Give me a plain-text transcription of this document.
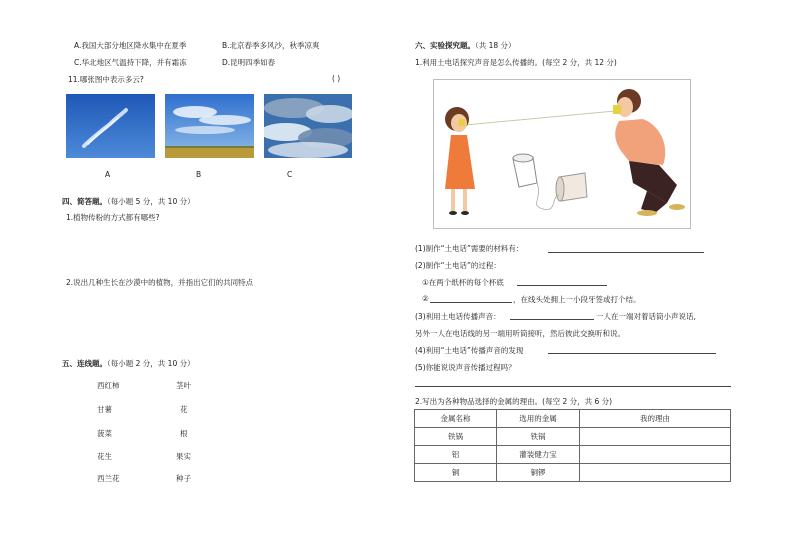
A.我国大部分地区降水集中在夏季	B.北京春季多风沙，秋季凉爽
C.华北地区气温持下降，并有霜冻	D.昆明四季如春
11.哪张图中表示多云?	( )
A	B	C
四、简答题。（每小题 5 分，共 10 分）
1.植物传粉的方式都有哪些?
2.说出几种生长在沙漠中的植物，并指出它们的共同特点
五、连线题。（每小题 2 分，共 10 分）
西红柿
甘薯
菠菜
花生
西兰花
茎叶
花
根
果实
种子
六、实验探究题。（共 18 分）
1.利用土电话探究声音是怎么传播的。(每空 2 分，共 12 分)
(1)制作“土电话”需要的材料有：
(2)制作“土电话”的过程：
①在两个纸杯的每个杯底
②	，在线头处拥上一小段牙签或打个结。
(3)利用土电话传播声音：	一人在一端对着话筒小声说话,
另外一人在电话线的另一端用听筒接听，然后彼此交换听和说。
(4)利用“土电话”传播声音的发现
(5)你能说说声音传播过程吗？
2.写出为各种物品选择的金属的理由。(每空 2 分，共 6 分)
金属名称	选用的金属	我的理由
铁锅	铁锅	
铝	灌装健力宝	
铜	铜锣	
